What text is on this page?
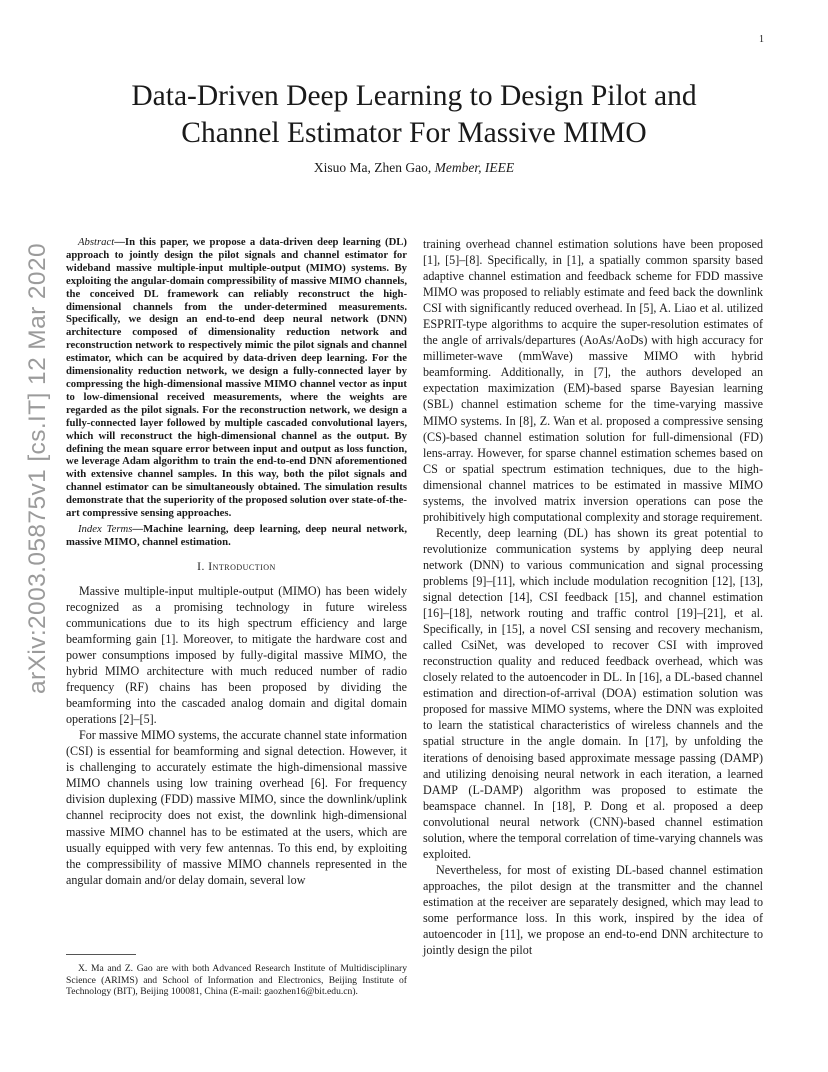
1
Data-Driven Deep Learning to Design Pilot and
Channel Estimator For Massive MIMO
Xisuo Ma, Zhen Gao, Member, IEEE
arXiv:2003.05875v1 [cs.IT] 12 Mar 2020

Abstract—In this paper, we propose a data-driven deep learning (DL) approach to jointly design the pilot signals and channel estimator for wideband massive multiple-input multiple-output (MIMO) systems. By exploiting the angular-domain compressibility of massive MIMO channels, the conceived DL framework can reliably reconstruct the high-dimensional channels from the under-determined measurements. Specifically, we design an end-to-end deep neural network (DNN) architecture composed of dimensionality reduction network and reconstruction network to respectively mimic the pilot signals and channel estimator, which can be acquired by data-driven deep learning. For the dimensionality reduction network, we design a fully-connected layer by compressing the high-dimensional massive MIMO channel vector as input to low-dimensional received measurements, where the weights are regarded as the pilot signals. For the reconstruction network, we design a fully-connected layer followed by multiple cascaded convolutional layers, which will reconstruct the high-dimensional channel as the output. By defining the mean square error between input and output as loss function, we leverage Adam algorithm to train the end-to-end DNN aforementioned with extensive channel samples. In this way, both the pilot signals and channel estimator can be simultaneously obtained. The simulation results demonstrate that the superiority of the proposed solution over state-of-the-art compressive sensing approaches.

Index Terms—Machine learning, deep learning, deep neural network, massive MIMO, channel estimation.

I. Introduction

Massive multiple-input multiple-output (MIMO) has been widely recognized as a promising technology in future wireless communications due to its high spectrum efficiency and large beamforming gain [1]. Moreover, to mitigate the hardware cost and power consumptions imposed by fully-digital massive MIMO, the hybrid MIMO architecture with much reduced number of radio frequency (RF) chains has been proposed by dividing the beamforming into the cascaded analog domain and digital domain operations [2]–[5].

For massive MIMO systems, the accurate channel state information (CSI) is essential for beamforming and signal detection. However, it is challenging to accurately estimate the high-dimensional massive MIMO channels using low training overhead [6]. For frequency division duplexing (FDD) massive MIMO, since the downlink/uplink channel reciprocity does not exist, the downlink high-dimensional massive MIMO channel has to be estimated at the users, which are usually equipped with very few antennas. To this end, by exploiting the compressibility of massive MIMO channels represented in the angular domain and/or delay domain, several low

training overhead channel estimation solutions have been proposed [1], [5]–[8]. Specifically, in [1], a spatially common sparsity based adaptive channel estimation and feedback scheme for FDD massive MIMO was proposed to reliably estimate and feed back the downlink CSI with significantly reduced overhead. In [5], A. Liao et al. utilized ESPRIT-type algorithms to acquire the super-resolution estimates of the angle of arrivals/departures (AoAs/AoDs) with high accuracy for millimeter-wave (mmWave) massive MIMO with hybrid beamforming. Additionally, in [7], the authors developed an expectation maximization (EM)-based sparse Bayesian learning (SBL) channel estimation scheme for the time-varying massive MIMO systems. In [8], Z. Wan et al. proposed a compressive sensing (CS)-based channel estimation solution for full-dimensional (FD) lens-array. However, for sparse channel estimation schemes based on CS or spatial spectrum estimation techniques, due to the high-dimensional channel matrices to be estimated in massive MIMO systems, the involved matrix inversion operations can pose the prohibitively high computational complexity and storage requirement.

Recently, deep learning (DL) has shown its great potential to revolutionize communication systems by applying deep neural network (DNN) to various communication and signal processing problems [9]–[11], which include modulation recognition [12], [13], signal detection [14], CSI feedback [15], and channel estimation [16]–[18], network routing and traffic control [19]–[21], et al. Specifically, in [15], a novel CSI sensing and recovery mechanism, called CsiNet, was developed to recover CSI with improved reconstruction quality and reduced feedback overhead, which was closely related to the autoencoder in DL. In [16], a DL-based channel estimation and direction-of-arrival (DOA) estimation solution was proposed for massive MIMO systems, where the DNN was exploited to learn the statistical characteristics of wireless channels and the spatial structure in the angle domain. In [17], by unfolding the iterations of denoising based approximate message passing (DAMP) and utilizing denoising neural network in each iteration, a learned DAMP (L-DAMP) algorithm was proposed to estimate the beamspace channel. In [18], P. Dong et al. proposed a deep convolutional neural network (CNN)-based channel estimation solution, where the temporal correlation of time-varying channels was exploited.

Nevertheless, for most of existing DL-based channel estimation approaches, the pilot design at the transmitter and the channel estimation at the receiver are separately designed, which may lead to some performance loss. In this work, inspired by the idea of autoencoder in [11], we propose an end-to-end DNN architecture to jointly design the pilot

X. Ma and Z. Gao are with both Advanced Research Institute of Multidisciplinary Science (ARIMS) and School of Information and Electronics, Beijing Institute of Technology (BIT), Beijing 100081, China (E-mail: gaozhen16@bit.edu.cn).
